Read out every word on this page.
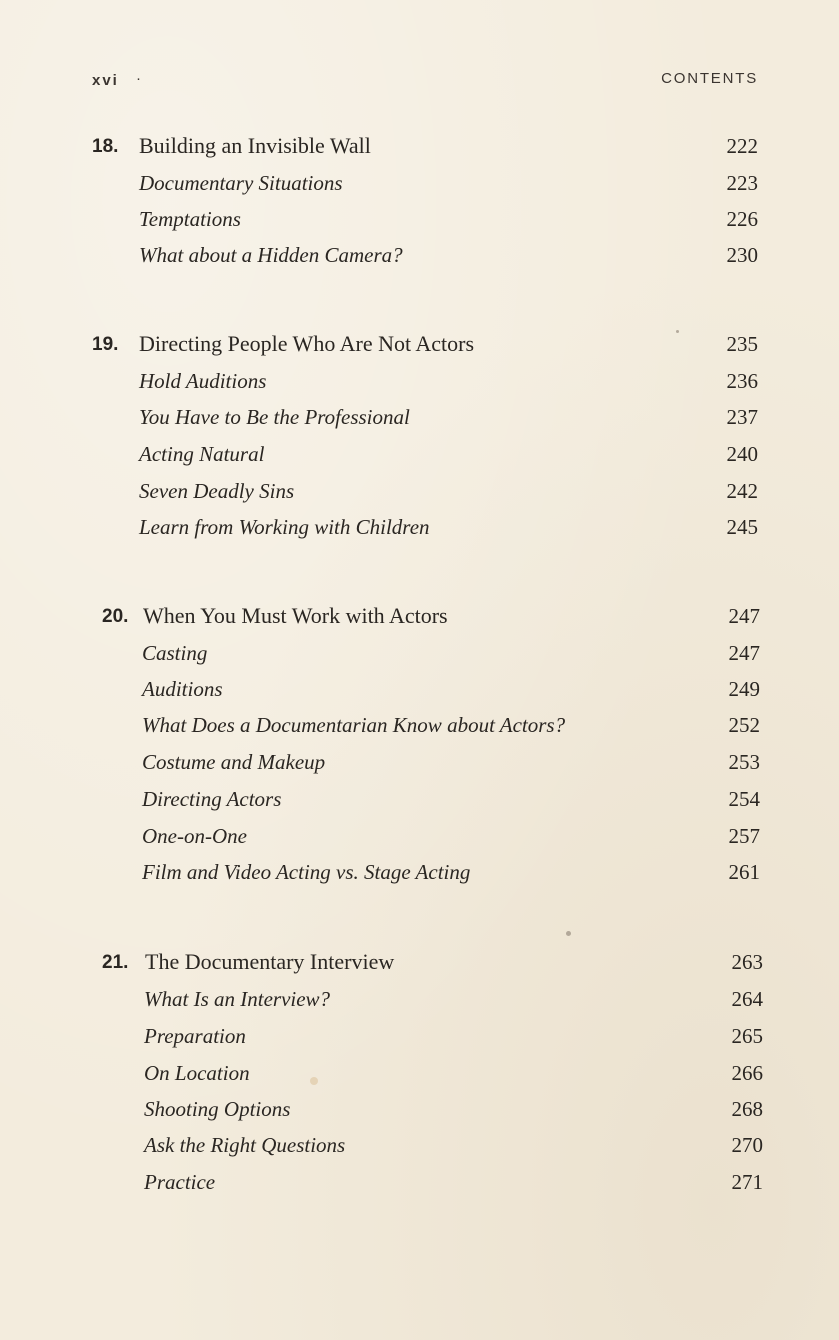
xvi ·	CONTENTS
18. Building an Invisible Wall	222
Documentary Situations	223
Temptations	226
What about a Hidden Camera?	230
19. Directing People Who Are Not Actors	235
Hold Auditions	236
You Have to Be the Professional	237
Acting Natural	240
Seven Deadly Sins	242
Learn from Working with Children	245
20. When You Must Work with Actors	247
Casting	247
Auditions	249
What Does a Documentarian Know about Actors?	252
Costume and Makeup	253
Directing Actors	254
One-on-One	257
Film and Video Acting vs. Stage Acting	261
21. The Documentary Interview	263
What Is an Interview?	264
Preparation	265
On Location	266
Shooting Options	268
Ask the Right Questions	270
Practice	271
